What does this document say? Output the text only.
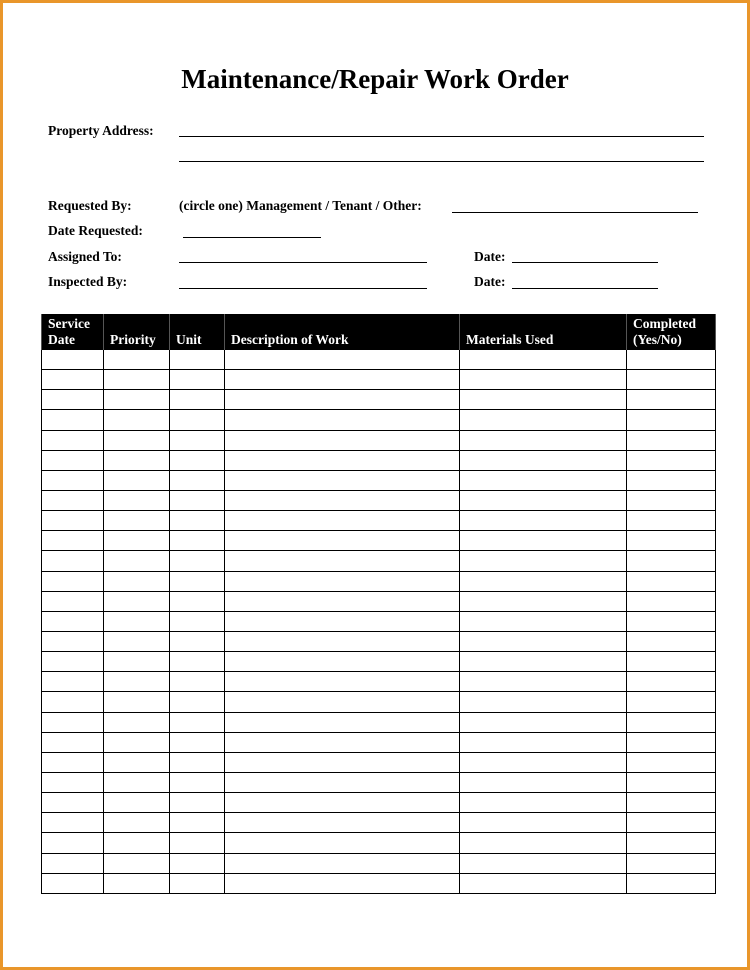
Maintenance/Repair Work Order
Property Address:
Requested By:	(circle one) Management / Tenant / Other:
Date Requested:
Assigned To:	Date:
Inspected By:	Date:
Service
Date	Priority	Unit	Description of Work	Materials Used	Completed
(Yes/No)
